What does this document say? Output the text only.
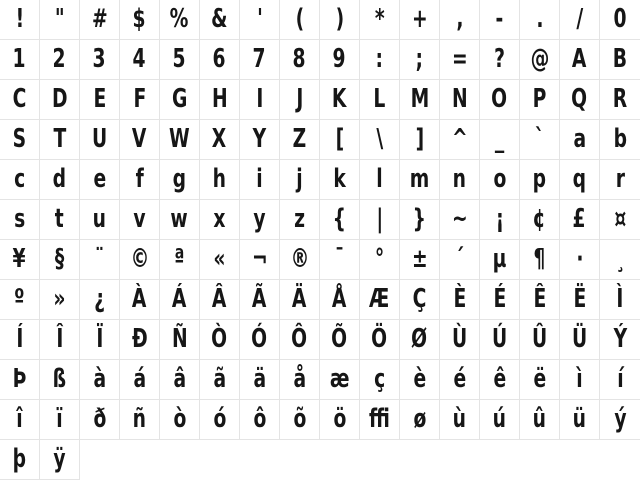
!	"	# $ % &	'	(	)	*	+	,	-	.	/	0
1	2	3	4	5	6	7	8	9	:	;	=	? @ A	B
C D E	F G H	I	J	K	L M N O P Q R
S	T	U V W X	Y	Z	[	\	]	^	_	`	a	b
c	d	e	f	g	h	i	j	k	l	m n	o	p	q	r
s	t	u	v w x	y	z	{	|	} ~	¡	¢	£	¤
¥	§	¨ © ª	«	¬ ® ¯	°	±	´	µ	¶	·	¸
º	»	¿	À Á Â Ã Ä Å Æ Ç	È	É	Ê	Ë	Ì
Í	Î	Ï	Ð Ñ Ò Ó Ô Õ Ö Ø Ù Ú Û Ü	Ý
Þ	ß	à	á	â	ã	ä	å æ ç	è	é	ê	ë	ì	í
î	ï	ð	ñ	ò	ó	ô	õ	ö ﬃ ø	ù	ú	û	ü	ý
þ	ÿ
